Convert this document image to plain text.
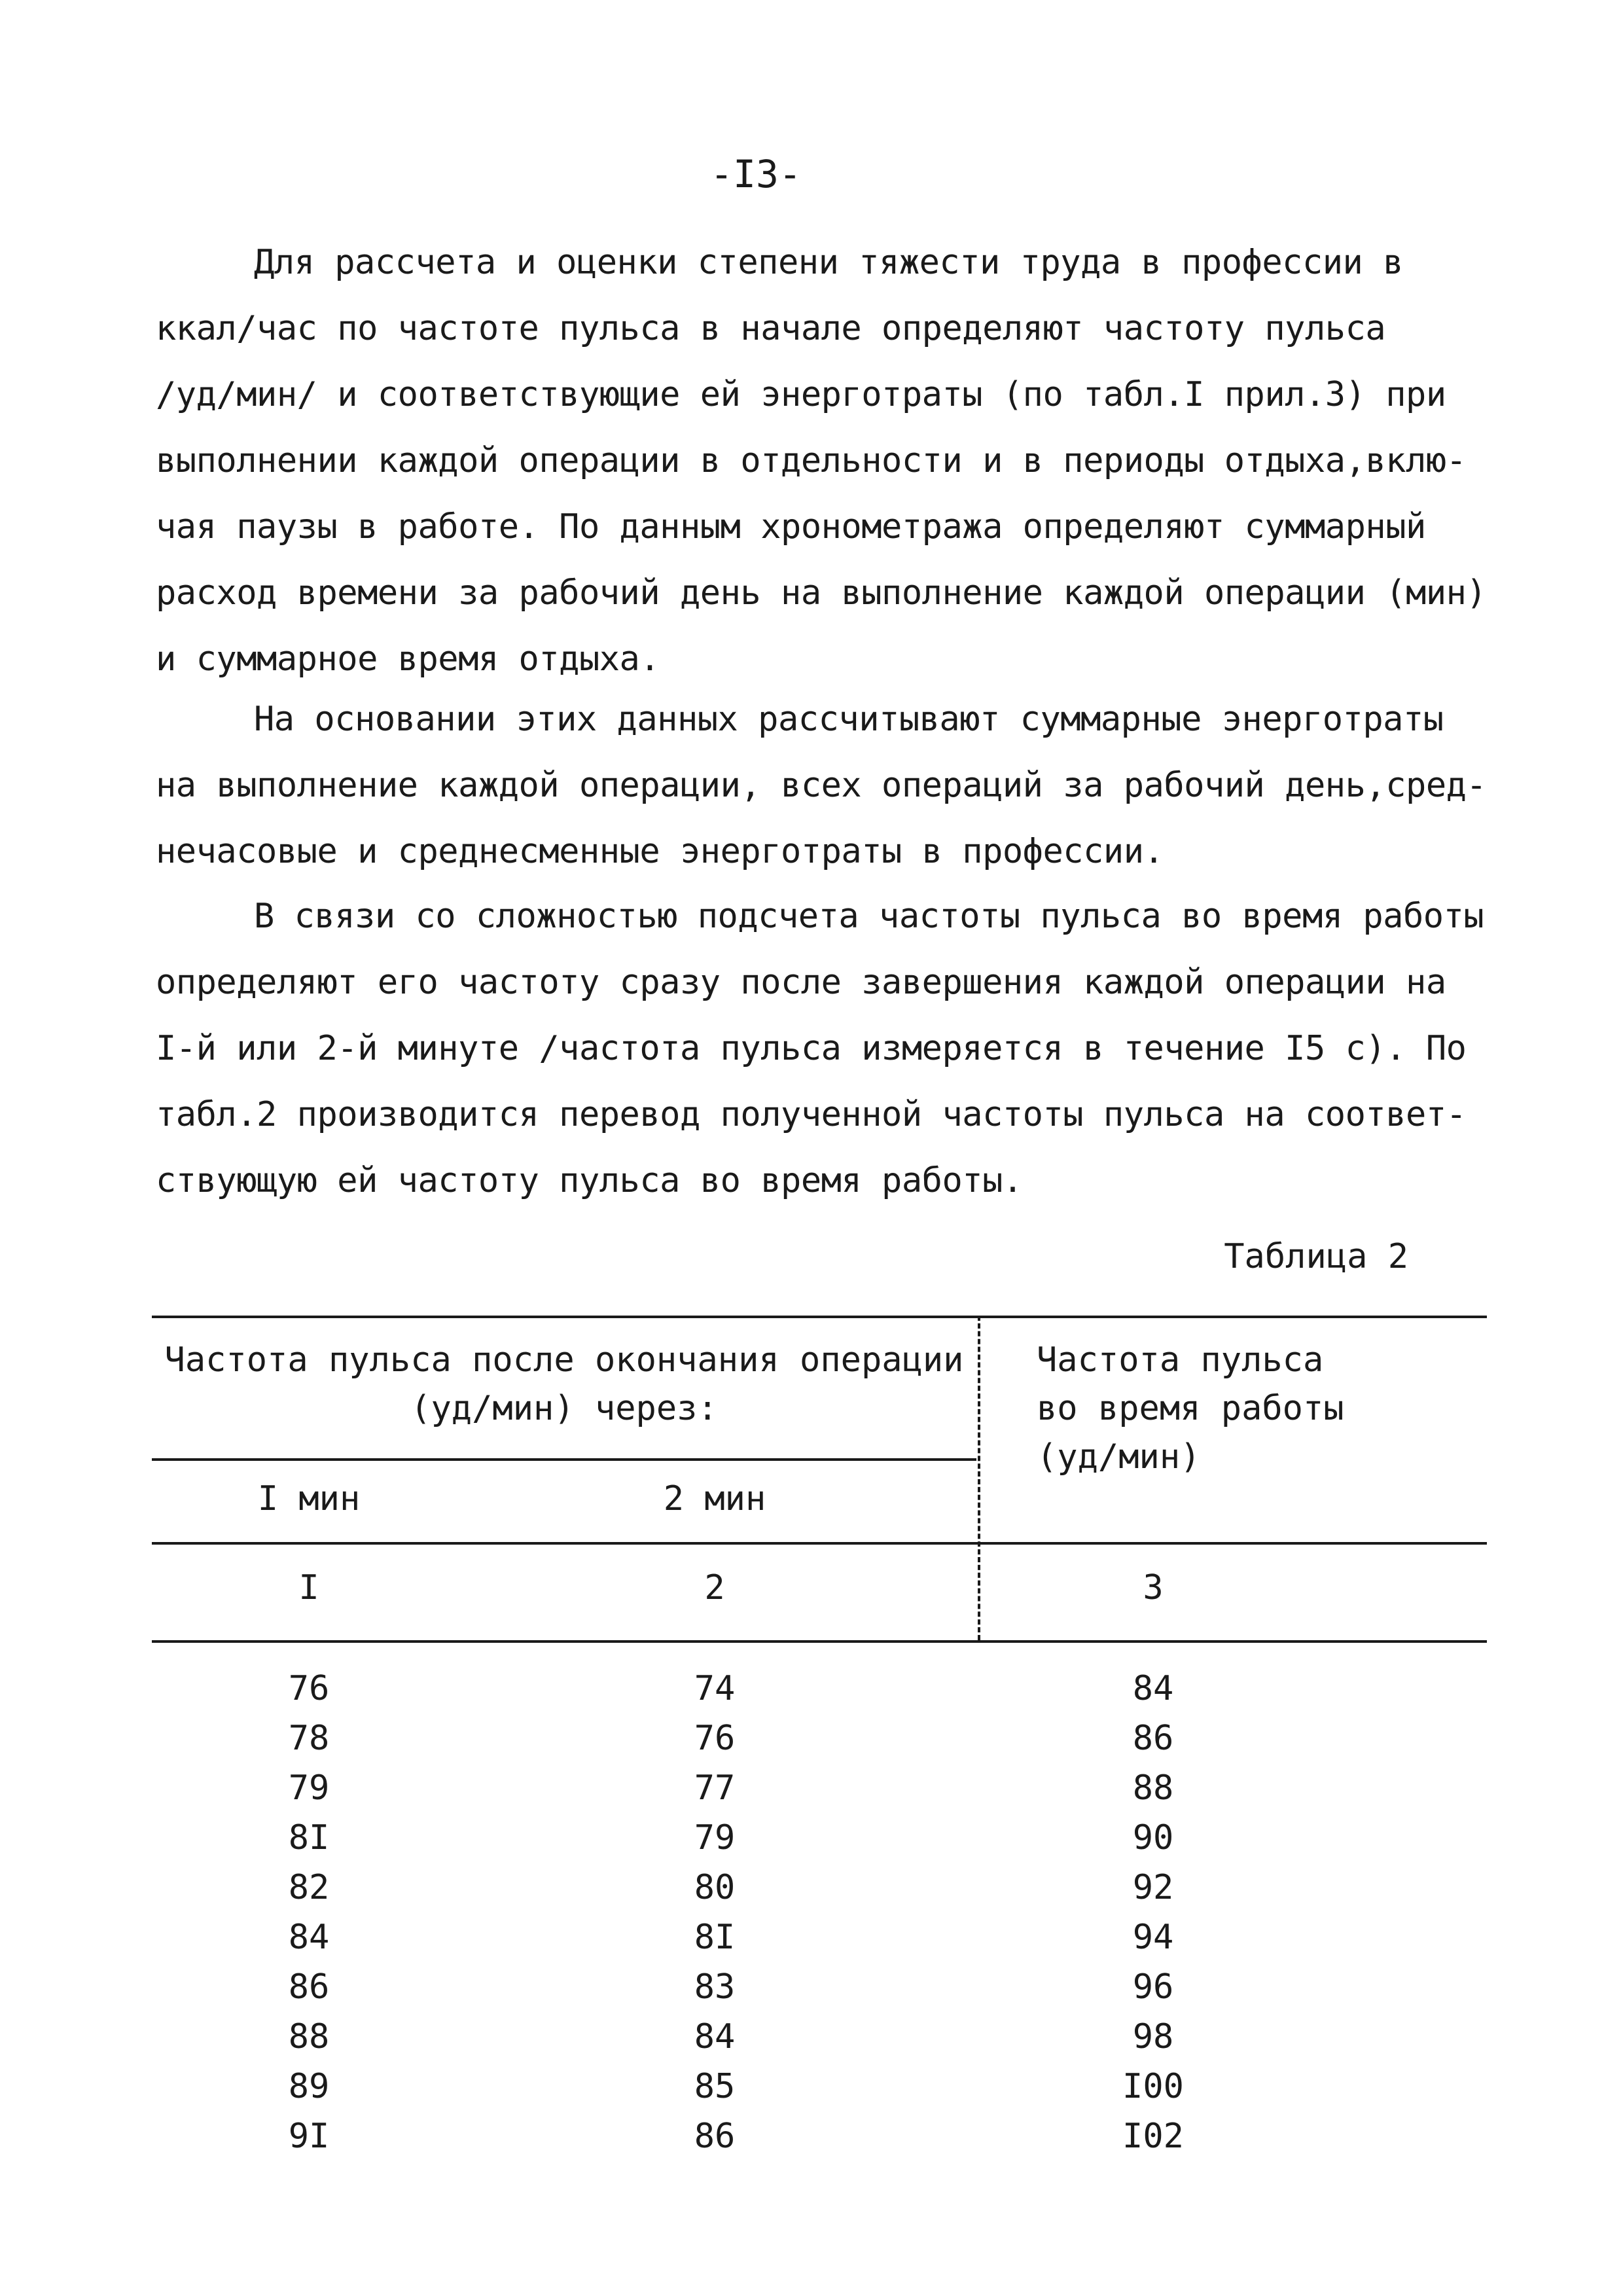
-I3-
Для рассчета и оценки степени тяжести труда в профессии в
ккал/час по частоте пульса в начале определяют частоту пульса
/уд/мин/ и соответствующие ей энерготраты (по табл.I прил.3) при
выполнении каждой операции в отдельности и в периоды отдыха,вклю-
чая паузы в работе. По данным хронометража определяют суммарный
расход времени за рабочий день на выполнение каждой операции (мин)
и суммарное время отдыха.
На основании этих данных рассчитывают суммарные энерготраты
на выполнение каждой операции, всех операций за рабочий день,сред-
нечасовые и среднесменные энерготраты в профессии.
В связи со сложностью подсчета частоты пульса во время работы
определяют его частоту сразу после завершения каждой операции на
I-й или 2-й минуте /частота пульса измеряется в течение I5 с). По
табл.2 производится перевод полученной частоты пульса на соответ-
ствующую ей частоту пульса во время работы.
Таблица 2
Частота пульса после окончания операции
(уд/мин) через:
Частота пульса
во время работы
(уд/мин)
I мин	2 мин
I	2	3
76	74	84
78	76	86
79	77	88
8I	79	90
82	80	92
84	8I	94
86	83	96
88	84	98
89	85	I00
9I	86	I02
